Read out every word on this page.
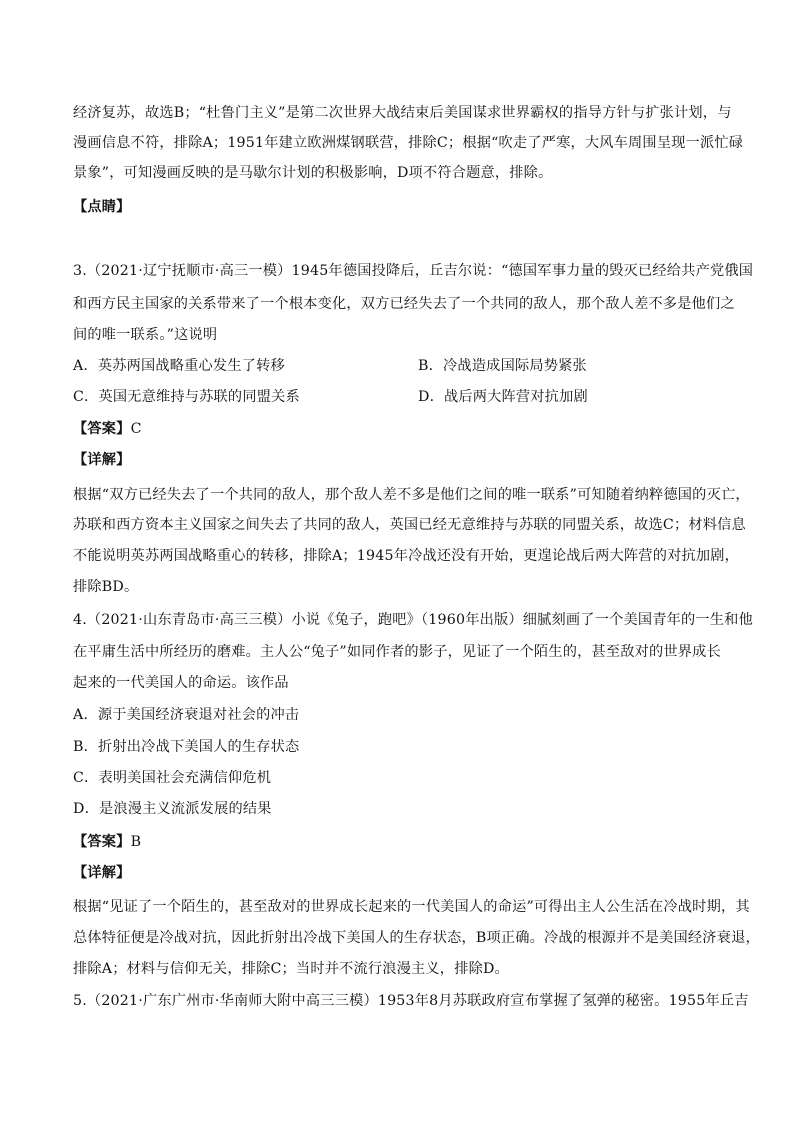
经济复苏，故选B；“杜鲁门主义”是第二次世界大战结束后美国谋求世界霸权的指导方针与扩张计划，与
漫画信息不符，排除A；1951年建立欧洲煤钢联营，排除C；根据“吹走了严寒，大风车周围呈现一派忙碌
景象”，可知漫画反映的是马歇尔计划的积极影响，D项不符合题意，排除。
【点睛】
3.（2021·辽宁抚顺市·高三一模）1945年德国投降后，丘吉尔说：“德国军事力量的毁灭已经给共产党俄国
和西方民主国家的关系带来了一个根本变化，双方已经失去了一个共同的敌人，那个敌人差不多是他们之
间的唯一联系。”这说明
A．英苏两国战略重心发生了转移	B．冷战造成国际局势紧张
C．英国无意维持与苏联的同盟关系	D．战后两大阵营对抗加剧
【答案】C
【详解】
根据“双方已经失去了一个共同的敌人，那个敌人差不多是他们之间的唯一联系”可知随着纳粹德国的灭亡，
苏联和西方资本主义国家之间失去了共同的敌人，英国已经无意维持与苏联的同盟关系，故选C；材料信息
不能说明英苏两国战略重心的转移，排除A；1945年冷战还没有开始，更遑论战后两大阵营的对抗加剧，
排除BD。
4.（2021·山东青岛市·高三三模）小说《兔子，跑吧》（1960年出版）细腻刻画了一个美国青年的一生和他
在平庸生活中所经历的磨难。主人公“兔子”如同作者的影子，见证了一个陌生的，甚至敌对的世界成长
起来的一代美国人的命运。该作品
A．源于美国经济衰退对社会的冲击
B．折射出冷战下美国人的生存状态
C．表明美国社会充满信仰危机
D．是浪漫主义流派发展的结果
【答案】B
【详解】
根据“见证了一个陌生的，甚至敌对的世界成长起来的一代美国人的命运”可得出主人公生活在冷战时期，其
总体特征便是冷战对抗，因此折射出冷战下美国人的生存状态，B项正确。冷战的根源并不是美国经济衰退，
排除A；材料与信仰无关，排除C；当时并不流行浪漫主义，排除D。
5.（2021·广东广州市·华南师大附中高三三模）1953年8月苏联政府宣布掌握了氢弹的秘密。1955年丘吉
